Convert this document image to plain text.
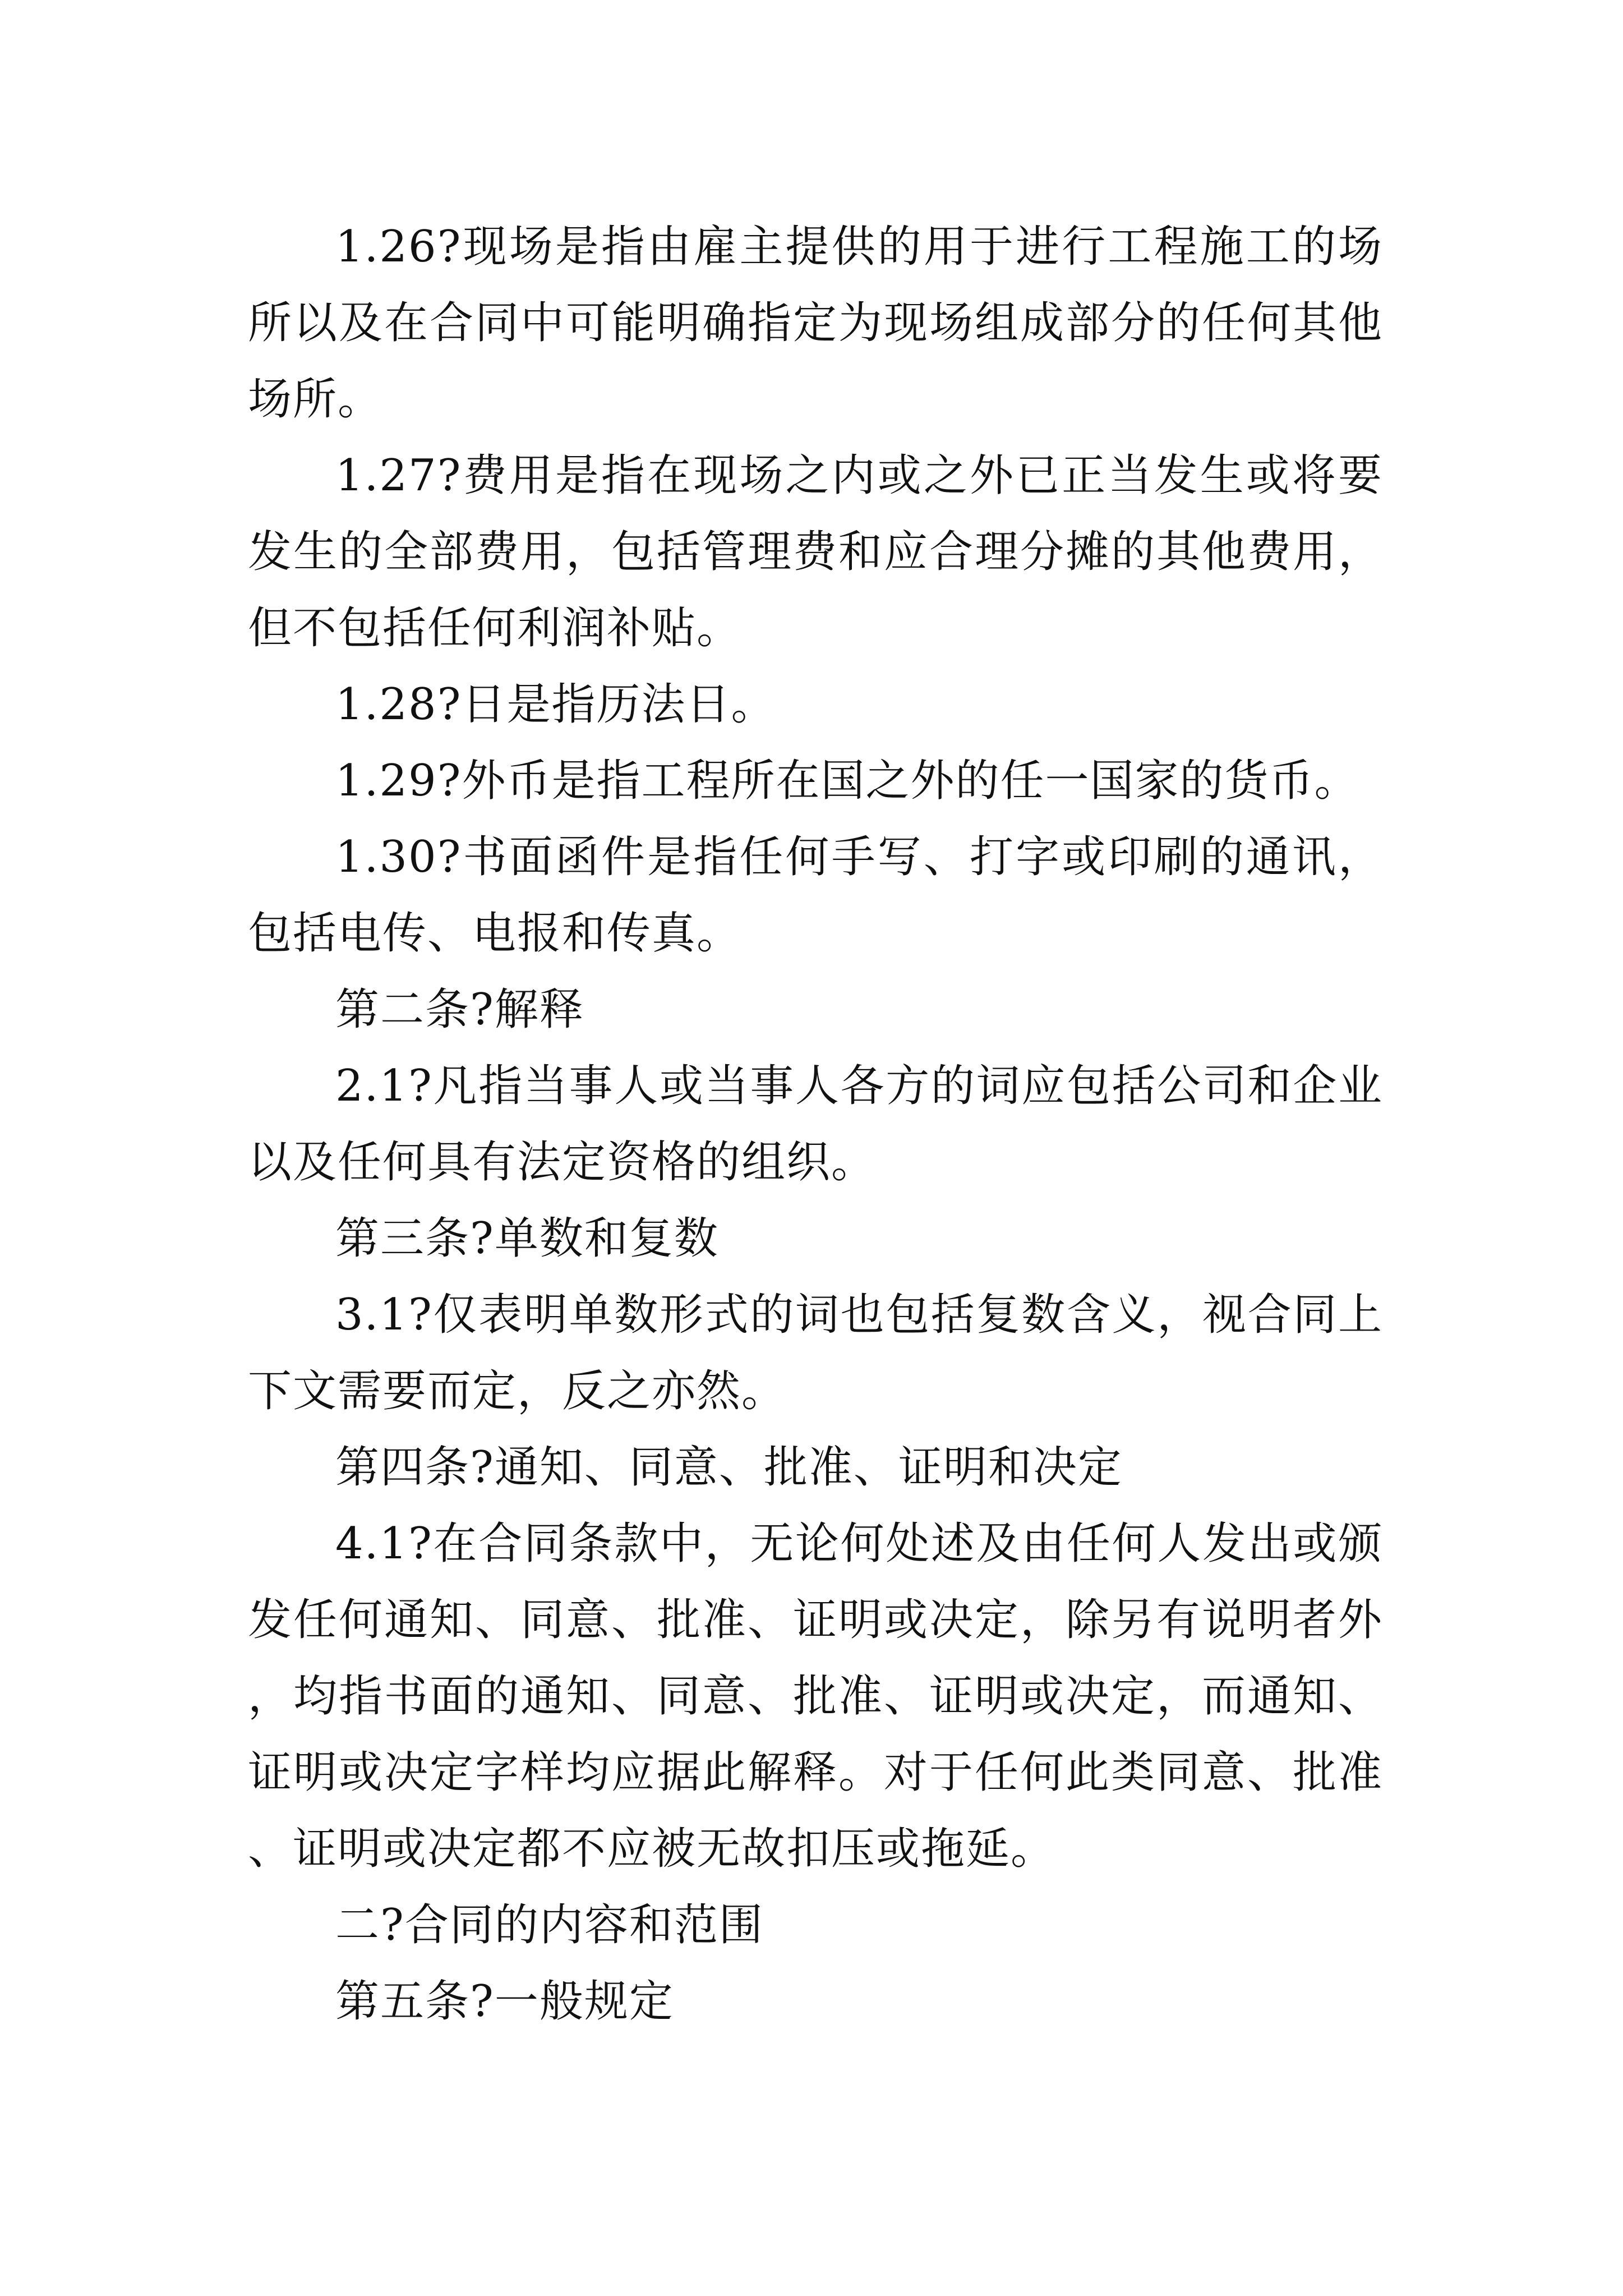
1.26?现场是指由雇主提供的用于进行工程施工的场所以及在合同中可能明确指定为现场组成部分的任何其他场所。

1.27?费用是指在现场之内或之外已正当发生或将要发生的全部费用，包括管理费和应合理分摊的其他费用，但不包括任何利润补贴。

1.28?日是指历法日。

1.29?外币是指工程所在国之外的任一国家的货币。

1.30?书面函件是指任何手写、打字或印刷的通讯，包括电传、电报和传真。

第二条?解释

2.1?凡指当事人或当事人各方的词应包括公司和企业以及任何具有法定资格的组织。

第三条?单数和复数

3.1?仅表明单数形式的词也包括复数含义，视合同上下文需要而定，反之亦然。

第四条?通知、同意、批准、证明和决定

4.1?在合同条款中，无论何处述及由任何人发出或颁发任何通知、同意、批准、证明或决定，除另有说明者外，均指书面的通知、同意、批准、证明或决定，而通知、证明或决定字样均应据此解释。对于任何此类同意、批准、证明或决定都不应被无故扣压或拖延。

二?合同的内容和范围

第五条?一般规定
